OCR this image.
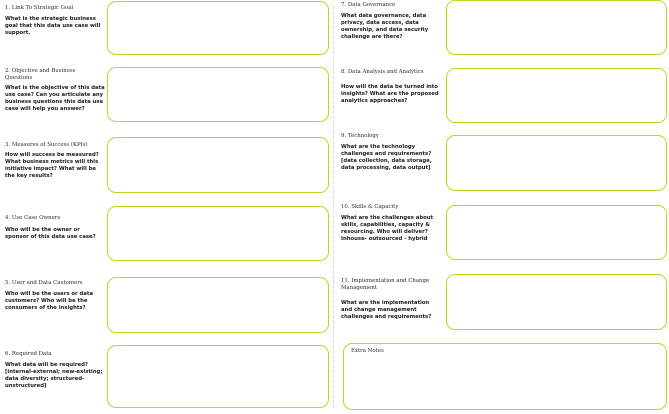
1. Link To Strategic Goal
What is the strategic business goal that this data use case will support.
2. Objective and Business Questions
What is the objective of this data use case? Can you articulate any business questions this data use case will help you answer?
3. Measures of Success (KPIs)
How will success be measured? What business metrics will this initiative impact? What will be the key results?
4. Use Case Owners
Who will be the owner or sponsor of this data use case?
5. User and Data Customers
Who will be the users or data customers? Who will be the consumers of the insights?
6. Required Data
What data will be required? [internal-external; new-existing; data diversity; structured-unstructured]
7. Data Governance
What data governance, data privacy, data access, data ownership, and data security challenge are there?
8. Data Analysis and Analytics
How will the data be turned into insights? What are the proposed analytics approaches?
9. Technology
What are the technology challenges and requirements? [data collection, data storage, data processing, data output]
10. Skills & Capacity
What are the challenges about skills, capabilities, capacity & resourcing. Who will deliver? Inhouse- outsourced - hybrid
11. Implementation and Change Management
What are the implementation and change management challenges and requirements?
Extra Notes
